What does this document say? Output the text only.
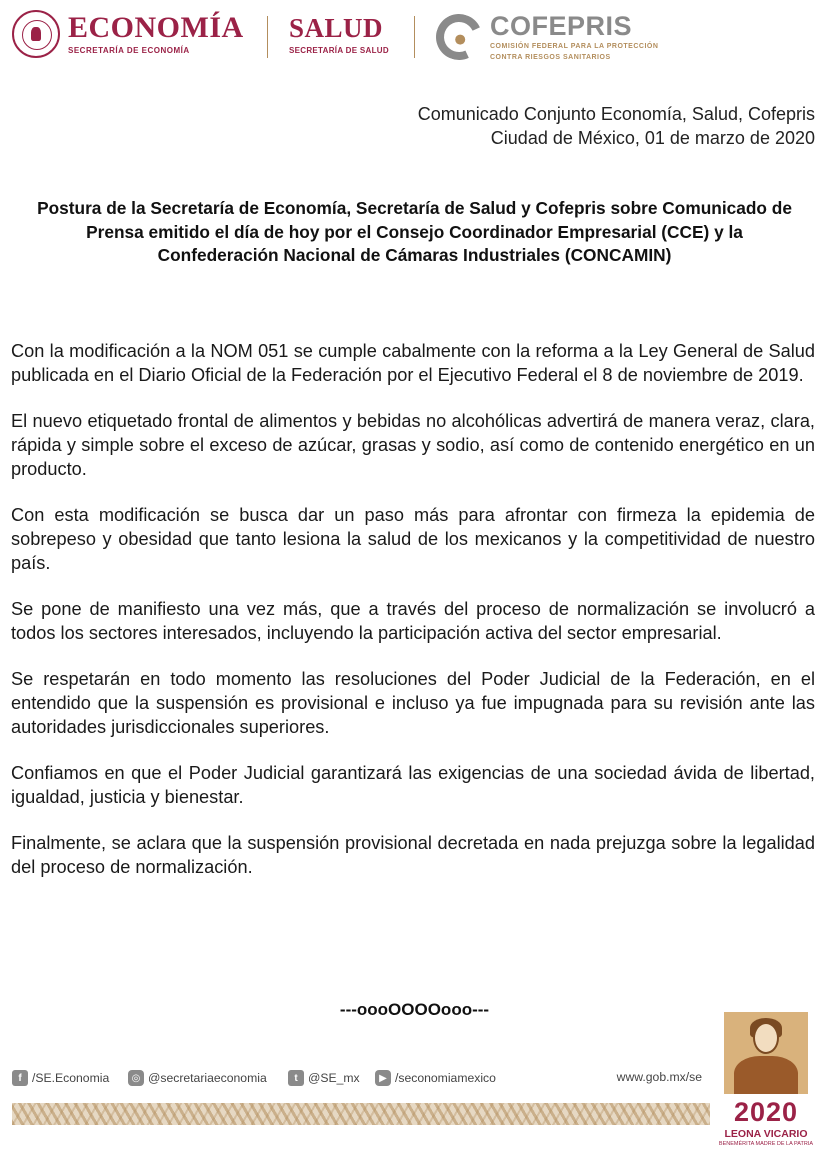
ECONOMÍA
SECRETARÍA DE ECONOMÍA
SALUD
SECRETARÍA DE SALUD
COFEPRIS
COMISIÓN FEDERAL PARA LA PROTECCIÓN
CONTRA RIESGOS SANITARIOS
Comunicado Conjunto Economía, Salud, Cofepris
Ciudad de México, 01 de marzo de 2020
Postura de la Secretaría de Economía, Secretaría de Salud y Cofepris sobre Comunicado de Prensa emitido el día de hoy por el Consejo Coordinador Empresarial (CCE) y la Confederación Nacional de Cámaras Industriales (CONCAMIN)

Con la modificación a la NOM 051 se cumple cabalmente con la reforma a la Ley General de Salud publicada en el Diario Oficial de la Federación por el Ejecutivo Federal el 8 de noviembre de 2019.

El nuevo etiquetado frontal de alimentos y bebidas no alcohólicas advertirá de manera veraz, clara, rápida y simple sobre el exceso de azúcar, grasas y sodio, así como de contenido energético en un producto.

Con esta modificación se busca dar un paso más para afrontar con firmeza la epidemia de sobrepeso y obesidad que tanto lesiona la salud de los mexicanos y la competitividad de nuestro país.

Se pone de manifiesto una vez más, que a través del proceso de normalización se involucró a todos los sectores interesados, incluyendo la participación activa del sector empresarial.

Se respetarán en todo momento las resoluciones del Poder Judicial de la Federación, en el entendido que la suspensión es provisional e incluso ya fue impugnada para su revisión ante las autoridades jurisdiccionales superiores.

Confiamos en que el Poder Judicial garantizará las exigencias de una sociedad ávida de libertad, igualdad, justicia y bienestar.

Finalmente, se aclara que la suspensión provisional decretada en nada prejuzga sobre la legalidad del proceso de normalización.

---oooOOOOooo---
f /SE.Economia	◎ @secretariaeconomia	t @SE_mx	▶ /seconomiamexico	www.gob.mx/se
2020
LEONA VICARIO
BENEMÉRITA MADRE DE LA PATRIA
